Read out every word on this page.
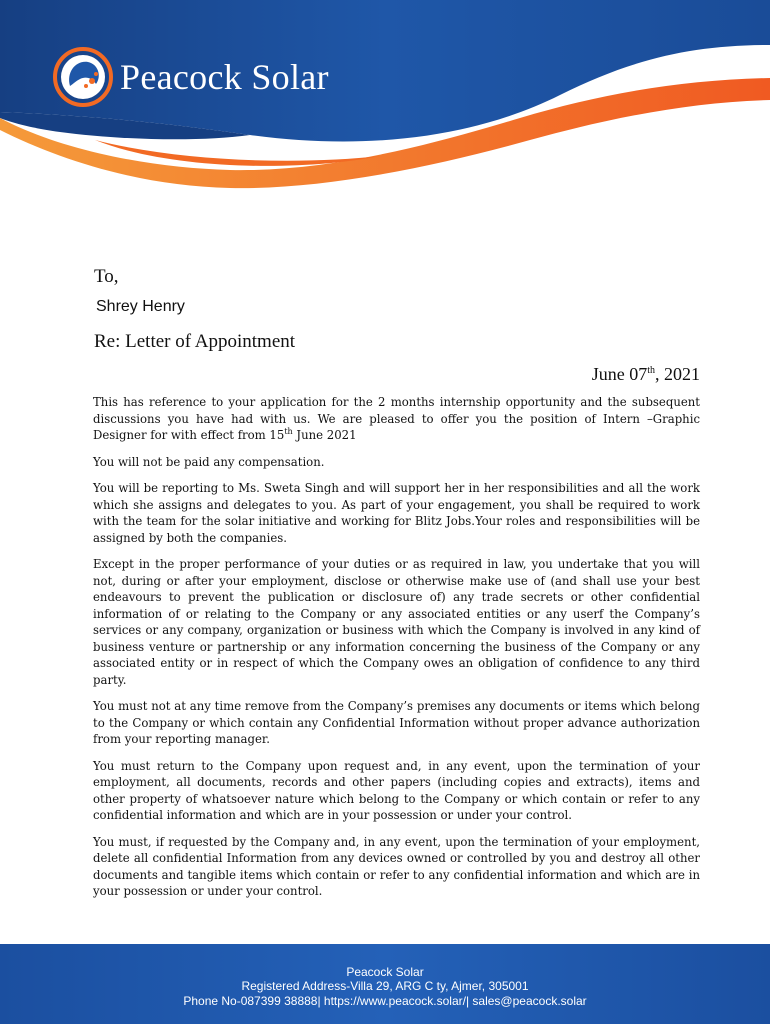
Peacock Solar
To,
Shrey Henry
Re: Letter of Appointment
June 07th, 2021

This has reference to your application for the 2 months internship opportunity and the subsequent discussions you have had with us. We are pleased to offer you the position of Intern –Graphic Designer for with effect from 15th June 2021

You will not be paid any compensation.

You will be reporting to Ms. Sweta Singh and will support her in her responsibilities and all the work which she assigns and delegates to you. As part of your engagement, you shall be required to work with the team for the solar initiative and working for Blitz Jobs.Your roles and responsibilities will be assigned by both the companies.

Except in the proper performance of your duties or as required in law, you undertake that you will not, during or after your employment, disclose or otherwise make use of (and shall use your best endeavours to prevent the publication or disclosure of) any trade secrets or other confidential information of or relating to the Company or any associated entities or any userf the Company’s services or any company, organization or business with which the Company is involved in any kind of business venture or partnership or any information concerning the business of the Company or any associated entity or in respect of which the Company owes an obligation of confidence to any third party.

You must not at any time remove from the Company’s premises any documents or items which belong to the Company or which contain any Confidential Information without proper advance authorization from your reporting manager.

You must return to the Company upon request and, in any event, upon the termination of your employment, all documents, records and other papers (including copies and extracts), items and other property of whatsoever nature which belong to the Company or which contain or refer to any confidential information and which are in your possession or under your control.

You must, if requested by the Company and, in any event, upon the termination of your employment, delete all confidential Information from any devices owned or controlled by you and destroy all other documents and tangible items which contain or refer to any confidential information and which are in your possession or under your control.

Peacock Solar
Registered Address-Villa 29, ARG C ty, Ajmer, 305001
Phone No-087399 38888| https://www.peacock.solar/| sales@peacock.solar
